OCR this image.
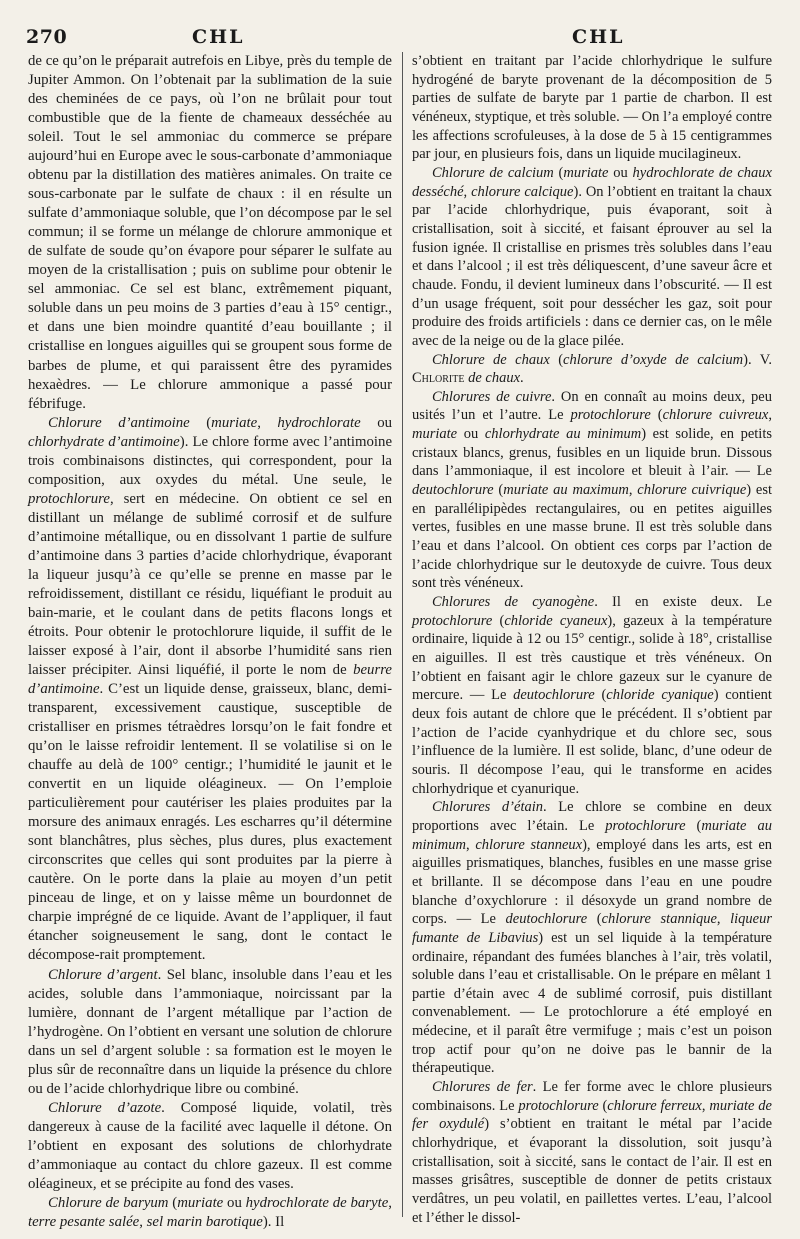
270	CHL	CHL

de ce qu’on le préparait autrefois en Libye, près du temple de Jupiter Ammon. On l’obtenait par la sublimation de la suie des cheminées de ce pays, où l’on ne brûlait pour tout combustible que de la fiente de chameaux desséchée au soleil. Tout le sel ammoniac du commerce se prépare aujourd’hui en Europe avec le sous-carbonate d’ammoniaque obtenu par la distillation des matières animales. On traite ce sous-carbonate par le sulfate de chaux : il en résulte un sulfate d’ammoniaque soluble, que l’on décompose par le sel commun; il se forme un mélange de chlorure ammonique et de sulfate de soude qu’on évapore pour séparer le sulfate au moyen de la cristallisation ; puis on sublime pour obtenir le sel ammoniac. Ce sel est blanc, extrêmement piquant, soluble dans un peu moins de 3 parties d’eau à 15° centigr., et dans une bien moindre quantité d’eau bouillante ; il cristallise en longues aiguilles qui se groupent sous forme de barbes de plume, et qui paraissent être des pyramides hexaèdres. — Le chlorure ammonique a passé pour fébrifuge.

Chlorure d’antimoine (muriate, hydrochlorate ou chlorhydrate d’antimoine). Le chlore forme avec l’antimoine trois combinaisons distinctes, qui correspondent, pour la composition, aux oxydes du métal. Une seule, le protochlorure, sert en médecine. On obtient ce sel en distillant un mélange de sublimé corrosif et de sulfure d’antimoine métallique, ou en dissolvant 1 partie de sulfure d’antimoine dans 3 parties d’acide chlorhydrique, évaporant la liqueur jusqu’à ce qu’elle se prenne en masse par le refroidissement, distillant ce résidu, liquéfiant le produit au bain-marie, et le coulant dans de petits flacons longs et étroits. Pour obtenir le protochlorure liquide, il suffit de le laisser exposé à l’air, dont il absorbe l’humidité sans rien laisser précipiter. Ainsi liquéfié, il porte le nom de beurre d’antimoine. C’est un liquide dense, graisseux, blanc, demi-transparent, excessivement caustique, susceptible de cristalliser en prismes tétraèdres lorsqu’on le fait fondre et qu’on le laisse refroidir lentement. Il se volatilise si on le chauffe au delà de 100° centigr.; l’humidité le jaunit et le convertit en un liquide oléagineux. — On l’emploie particulièrement pour cautériser les plaies produites par la morsure des animaux enragés. Les escharres qu’il détermine sont blanchâtres, plus sèches, plus dures, plus exactement circonscrites que celles qui sont produites par la pierre à cautère. On le porte dans la plaie au moyen d’un petit pinceau de linge, et on y laisse même un bourdonnet de charpie imprégné de ce liquide. Avant de l’appliquer, il faut étancher soigneusement le sang, dont le contact le décompose-rait promptement.

Chlorure d’argent. Sel blanc, insoluble dans l’eau et les acides, soluble dans l’ammoniaque, noircissant par la lumière, donnant de l’argent métallique par l’action de l’hydrogène. On l’obtient en versant une solution de chlorure dans un sel d’argent soluble : sa formation est le moyen le plus sûr de reconnaître dans un liquide la présence du chlore ou de l’acide chlorhydrique libre ou combiné.

Chlorure d’azote. Composé liquide, volatil, très dangereux à cause de la facilité avec laquelle il détone. On l’obtient en exposant des solutions de chlorhydrate d’ammoniaque au contact du chlore gazeux. Il est comme oléagineux, et se précipite au fond des vases.

Chlorure de baryum (muriate ou hydrochlorate de baryte, terre pesante salée, sel marin barotique). Il

s’obtient en traitant par l’acide chlorhydrique le sulfure hydrogéné de baryte provenant de la décomposition de 5 parties de sulfate de baryte par 1 partie de charbon. Il est vénéneux, styptique, et très soluble. — On l’a employé contre les affections scrofuleuses, à la dose de 5 à 15 centigrammes par jour, en plusieurs fois, dans un liquide mucilagineux.

Chlorure de calcium (muriate ou hydrochlorate de chaux desséché, chlorure calcique). On l’obtient en traitant la chaux par l’acide chlorhydrique, puis évaporant, soit à cristallisation, soit à siccité, et faisant éprouver au sel la fusion ignée. Il cristallise en prismes très solubles dans l’eau et dans l’alcool ; il est très déliquescent, d’une saveur âcre et chaude. Fondu, il devient lumineux dans l’obscurité. — Il est d’un usage fréquent, soit pour dessécher les gaz, soit pour produire des froids artificiels : dans ce dernier cas, on le mêle avec de la neige ou de la glace pilée.

Chlorure de chaux (chlorure d’oxyde de calcium). V. Chlorite de chaux.

Chlorures de cuivre. On en connaît au moins deux, peu usités l’un et l’autre. Le protochlorure (chlorure cuivreux, muriate ou chlorhydrate au minimum) est solide, en petits cristaux blancs, grenus, fusibles en un liquide brun. Dissous dans l’ammoniaque, il est incolore et bleuit à l’air. — Le deutochlorure (muriate au maximum, chlorure cuivrique) est en parallélipipèdes rectangulaires, ou en petites aiguilles vertes, fusibles en une masse brune. Il est très soluble dans l’eau et dans l’alcool. On obtient ces corps par l’action de l’acide chlorhydrique sur le deutoxyde de cuivre. Tous deux sont très vénéneux.

Chlorures de cyanogène. Il en existe deux. Le protochlorure (chloride cyaneux), gazeux à la température ordinaire, liquide à 12 ou 15° centigr., solide à 18°, cristallise en aiguilles. Il est très caustique et très vénéneux. On l’obtient en faisant agir le chlore gazeux sur le cyanure de mercure. — Le deutochlorure (chloride cyanique) contient deux fois autant de chlore que le précédent. Il s’obtient par l’action de l’acide cyanhydrique et du chlore sec, sous l’influence de la lumière. Il est solide, blanc, d’une odeur de souris. Il décompose l’eau, qui le transforme en acides chlorhydrique et cyanurique.

Chlorures d’étain. Le chlore se combine en deux proportions avec l’étain. Le protochlorure (muriate au minimum, chlorure stanneux), employé dans les arts, est en aiguilles prismatiques, blanches, fusibles en une masse grise et brillante. Il se décompose dans l’eau en une poudre blanche d’oxychlorure : il désoxyde un grand nombre de corps. — Le deutochlorure (chlorure stannique, liqueur fumante de Libavius) est un sel liquide à la température ordinaire, répandant des fumées blanches à l’air, très volatil, soluble dans l’eau et cristallisable. On le prépare en mêlant 1 partie d’étain avec 4 de sublimé corrosif, puis distillant convenablement. — Le protochlorure a été employé en médecine, et il paraît être vermifuge ; mais c’est un poison trop actif pour qu’on ne doive pas le bannir de la thérapeutique.

Chlorures de fer. Le fer forme avec le chlore plusieurs combinaisons. Le protochlorure (chlorure ferreux, muriate de fer oxydulé) s’obtient en traitant le métal par l’acide chlorhydrique, et évaporant la dissolution, soit jusqu’à cristallisation, soit à siccité, sans le contact de l’air. Il est en masses grisâtres, susceptible de donner de petits cristaux verdâtres, un peu volatil, en paillettes vertes. L’eau, l’alcool et l’éther le dissol-
